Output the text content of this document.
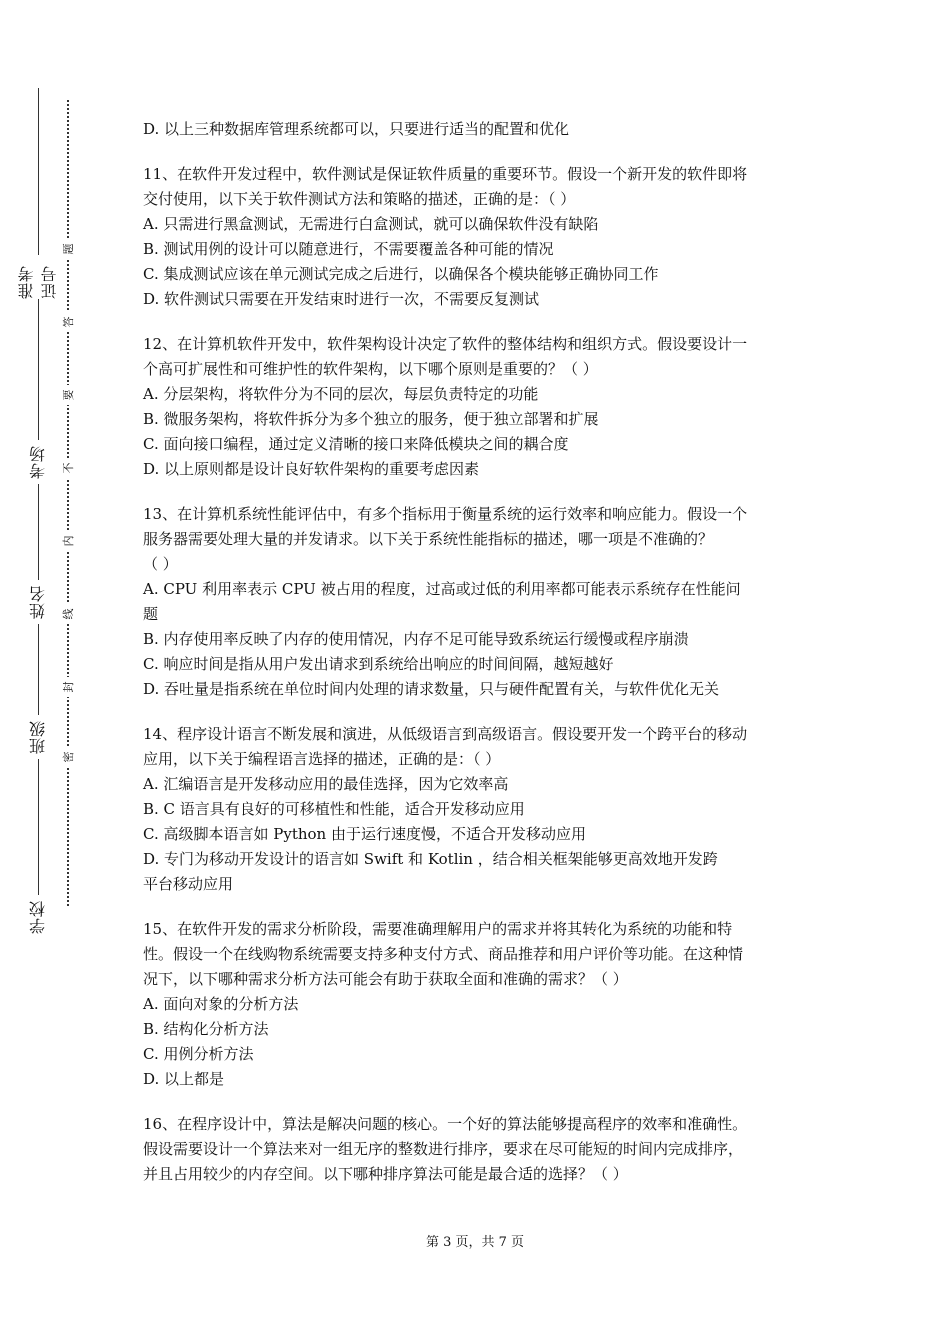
准考证号
考场
姓名
班级
学校
题
答
要
不
内
线
封
密
D. 以上三种数据库管理系统都可以，只要进行适当的配置和优化
11、在软件开发过程中，软件测试是保证软件质量的重要环节。假设一个新开发的软件即将
交付使用，以下关于软件测试方法和策略的描述，正确的是：（ ）
A. 只需进行黑盒测试，无需进行白盒测试，就可以确保软件没有缺陷
B. 测试用例的设计可以随意进行，不需要覆盖各种可能的情况
C. 集成测试应该在单元测试完成之后进行，以确保各个模块能够正确协同工作
D. 软件测试只需要在开发结束时进行一次，不需要反复测试
12、在计算机软件开发中，软件架构设计决定了软件的整体结构和组织方式。假设要设计一
个高可扩展性和可维护性的软件架构，以下哪个原则是重要的？（ ）
A. 分层架构，将软件分为不同的层次，每层负责特定的功能
B. 微服务架构，将软件拆分为多个独立的服务，便于独立部署和扩展
C. 面向接口编程，通过定义清晰的接口来降低模块之间的耦合度
D. 以上原则都是设计良好软件架构的重要考虑因素
13、在计算机系统性能评估中，有多个指标用于衡量系统的运行效率和响应能力。假设一个
服务器需要处理大量的并发请求。以下关于系统性能指标的描述，哪一项是不准确的？
（ ）
A. CPU 利用率表示 CPU 被占用的程度，过高或过低的利用率都可能表示系统存在性能问
题
B. 内存使用率反映了内存的使用情况，内存不足可能导致系统运行缓慢或程序崩溃
C. 响应时间是指从用户发出请求到系统给出响应的时间间隔，越短越好
D. 吞吐量是指系统在单位时间内处理的请求数量，只与硬件配置有关，与软件优化无关
14、程序设计语言不断发展和演进，从低级语言到高级语言。假设要开发一个跨平台的移动
应用，以下关于编程语言选择的描述，正确的是：（ ）
A. 汇编语言是开发移动应用的最佳选择，因为它效率高
B. C 语言具有良好的可移植性和性能，适合开发移动应用
C. 高级脚本语言如 Python 由于运行速度慢，不适合开发移动应用
D. 专门为移动开发设计的语言如 Swift 和 Kotlin ，结合相关框架能够更高效地开发跨
平台移动应用
15、在软件开发的需求分析阶段，需要准确理解用户的需求并将其转化为系统的功能和特
性。假设一个在线购物系统需要支持多种支付方式、商品推荐和用户评价等功能。在这种情
况下，以下哪种需求分析方法可能会有助于获取全面和准确的需求？（ ）
A. 面向对象的分析方法
B. 结构化分析方法
C. 用例分析方法
D. 以上都是
16、在程序设计中，算法是解决问题的核心。一个好的算法能够提高程序的效率和准确性。
假设需要设计一个算法来对一组无序的整数进行排序，要求在尽可能短的时间内完成排序，
并且占用较少的内存空间。以下哪种排序算法可能是最合适的选择？（ ）
第 3 页，共 7 页
